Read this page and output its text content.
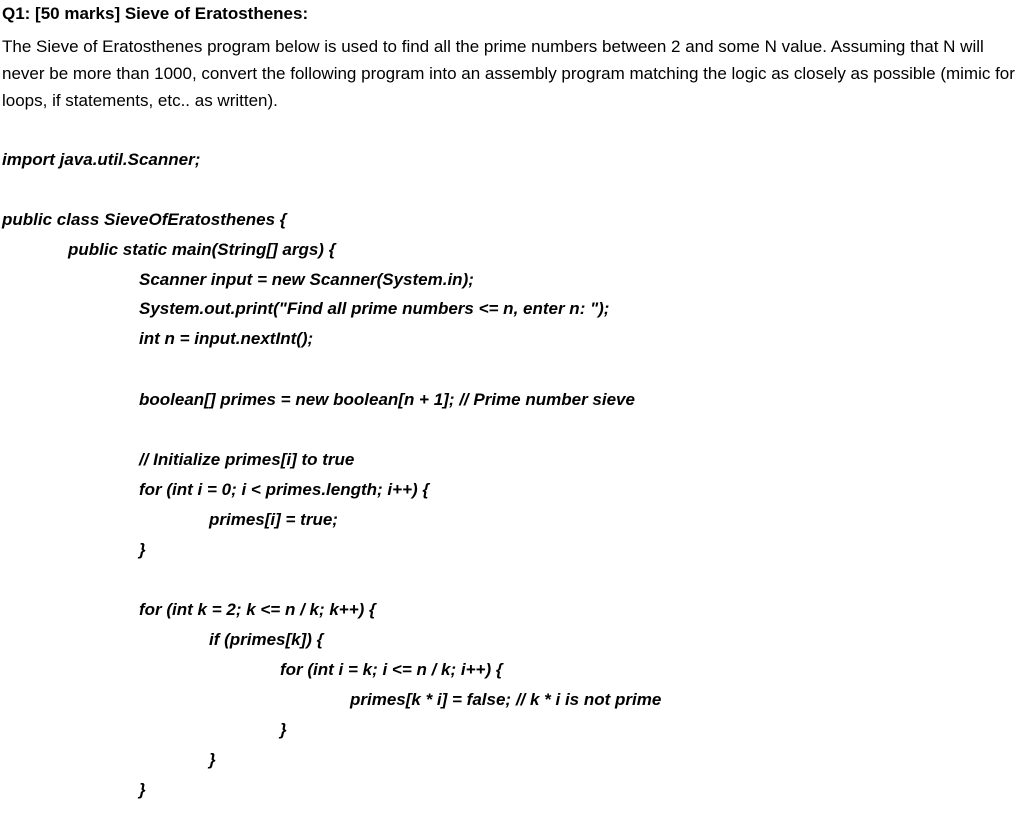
Q1: [50 marks] Sieve of Eratosthenes:

The Sieve of Eratosthenes program below is used to find all the prime numbers between 2 and some N value. Assuming that N will never be more than 1000, convert the following program into an assembly program matching the logic as closely as possible (mimic for loops, if statements, etc.. as written).

import java.util.Scanner;
public class SieveOfEratosthenes {
public static main(String[] args) {
Scanner input = new Scanner(System.in);
System.out.print("Find all prime numbers <= n, enter n: ");
int n = input.nextInt();
boolean[] primes = new boolean[n + 1]; // Prime number sieve
// Initialize primes[i] to true
for (int i = 0; i < primes.length; i++) {
primes[i] = true;
}
for (int k = 2; k <= n / k; k++) {
if (primes[k]) {
for (int i = k; i <= n / k; i++) {
primes[k * i] = false; // k * i is not prime
}
}
}
